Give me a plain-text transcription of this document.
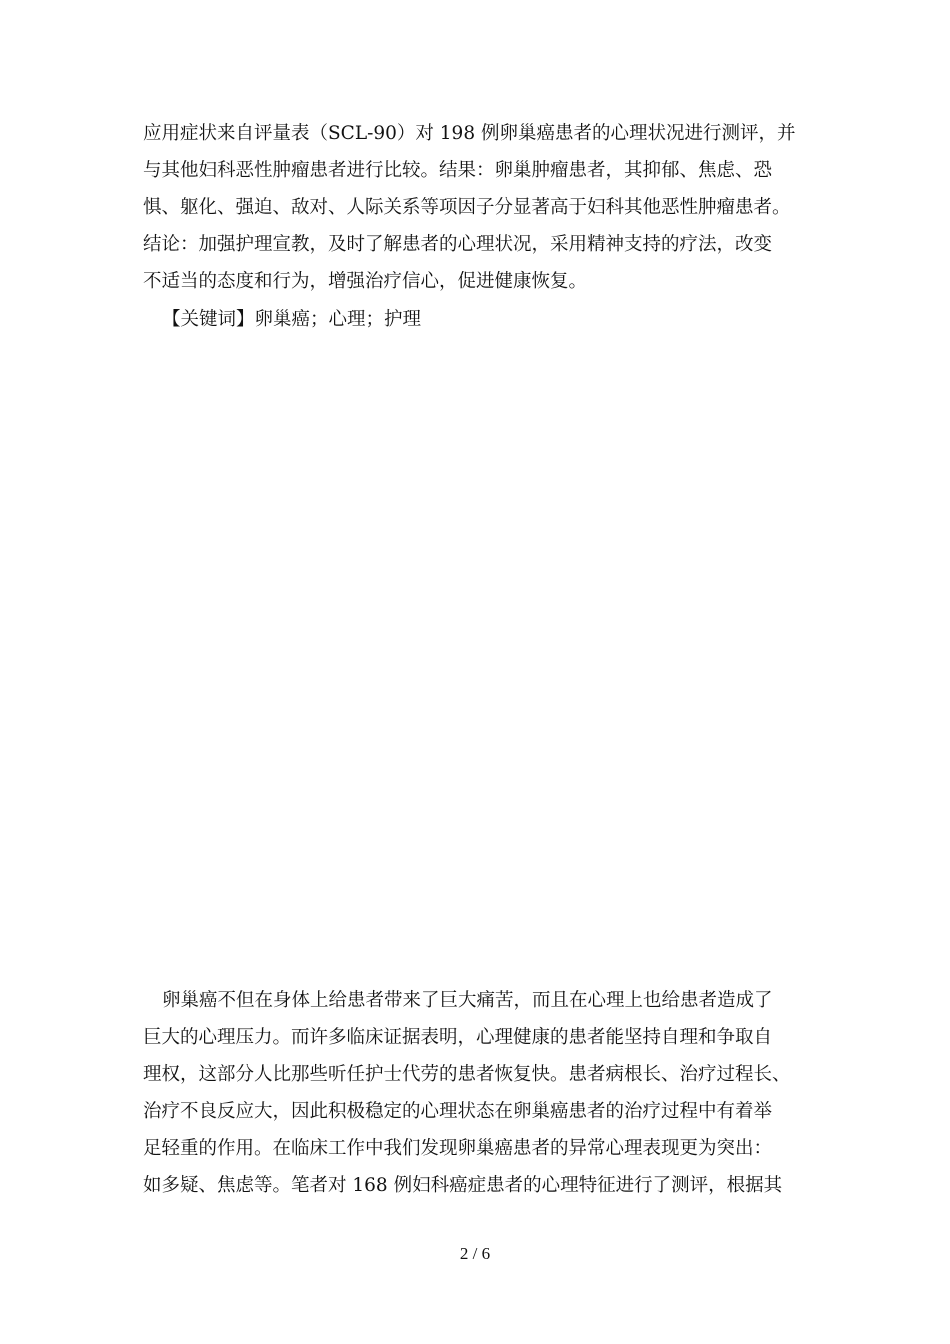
应用症状来自评量表（SCL-90）对 198 例卵巢癌患者的心理状况进行测评，并
与其他妇科恶性肿瘤患者进行比较。结果：卵巢肿瘤患者，其抑郁、焦虑、恐
惧、躯化、强迫、敌对、人际关系等项因子分显著高于妇科其他恶性肿瘤患者。
结论：加强护理宣教，及时了解患者的心理状况，采用精神支持的疗法，改变
不适当的态度和行为，增强治疗信心，促进健康恢复。
【关键词】卵巢癌；心理；护理
卵巢癌不但在身体上给患者带来了巨大痛苦，而且在心理上也给患者造成了
巨大的心理压力。而许多临床证据表明，心理健康的患者能坚持自理和争取自
理权，这部分人比那些听任护士代劳的患者恢复快。患者病根长、治疗过程长、
治疗不良反应大，因此积极稳定的心理状态在卵巢癌患者的治疗过程中有着举
足轻重的作用。在临床工作中我们发现卵巢癌患者的异常心理表现更为突出：
如多疑、焦虑等。笔者对 168 例妇科癌症患者的心理特征进行了测评，根据其
2 / 6
